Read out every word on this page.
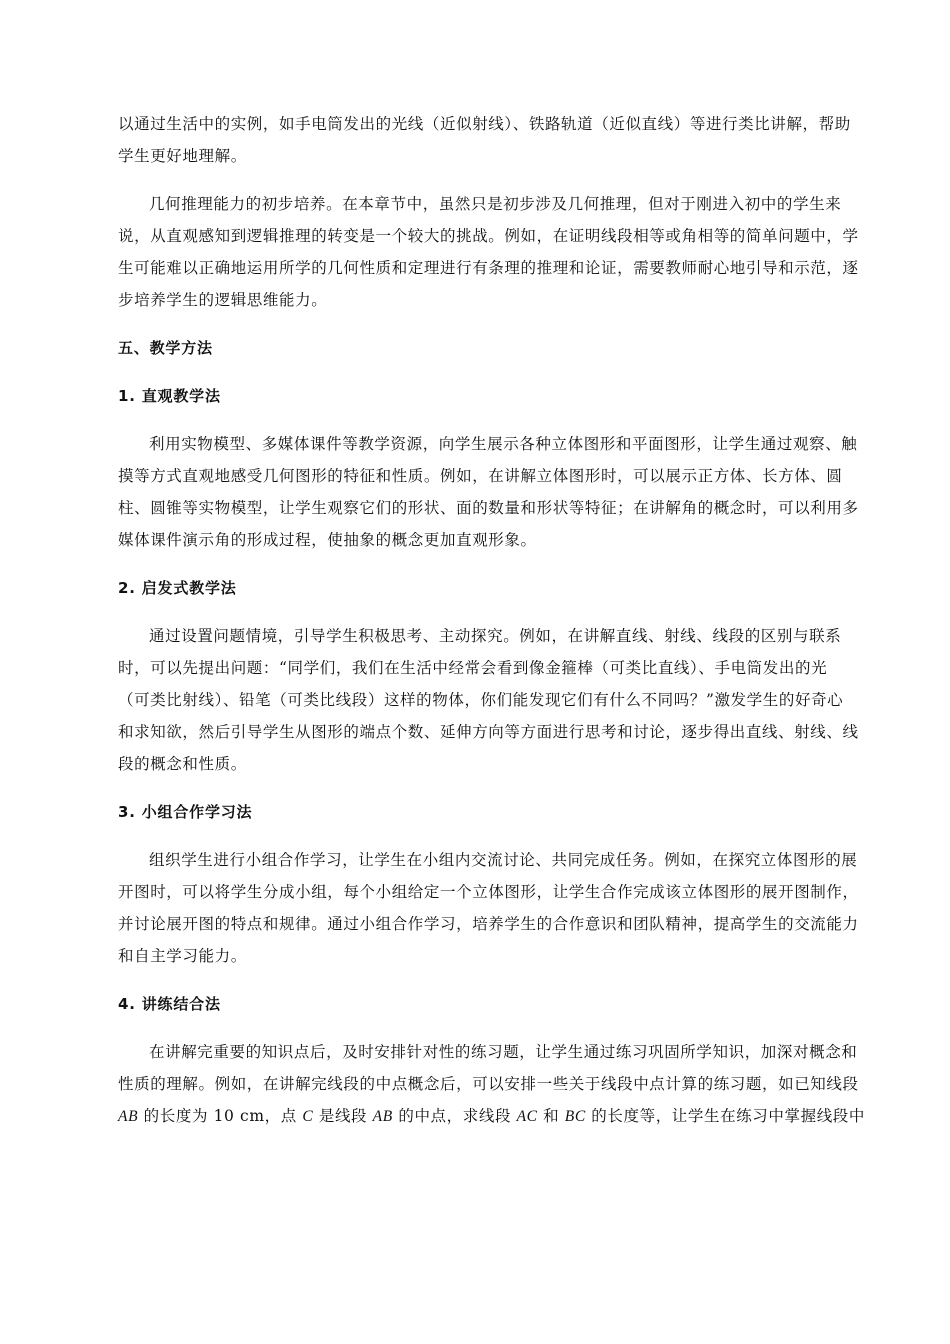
以通过生活中的实例，如手电筒发出的光线（近似射线）、铁路轨道（近似直线）等进行类比讲解，帮助
学生更好地理解。
几何推理能力的初步培养。在本章节中，虽然只是初步涉及几何推理，但对于刚进入初中的学生来
说，从直观感知到逻辑推理的转变是一个较大的挑战。例如，在证明线段相等或角相等的简单问题中，学
生可能难以正确地运用所学的几何性质和定理进行有条理的推理和论证，需要教师耐心地引导和示范，逐
步培养学生的逻辑思维能力。
五、教学方法
1. 直观教学法
利用实物模型、多媒体课件等教学资源，向学生展示各种立体图形和平面图形，让学生通过观察、触
摸等方式直观地感受几何图形的特征和性质。例如，在讲解立体图形时，可以展示正方体、长方体、圆
柱、圆锥等实物模型，让学生观察它们的形状、面的数量和形状等特征；在讲解角的概念时，可以利用多
媒体课件演示角的形成过程，使抽象的概念更加直观形象。
2. 启发式教学法
通过设置问题情境，引导学生积极思考、主动探究。例如，在讲解直线、射线、线段的区别与联系
时，可以先提出问题：“同学们，我们在生活中经常会看到像金箍棒（可类比直线）、手电筒发出的光
（可类比射线）、铅笔（可类比线段）这样的物体，你们能发现它们有什么不同吗？”激发学生的好奇心
和求知欲，然后引导学生从图形的端点个数、延伸方向等方面进行思考和讨论，逐步得出直线、射线、线
段的概念和性质。
3. 小组合作学习法
组织学生进行小组合作学习，让学生在小组内交流讨论、共同完成任务。例如，在探究立体图形的展
开图时，可以将学生分成小组，每个小组给定一个立体图形，让学生合作完成该立体图形的展开图制作，
并讨论展开图的特点和规律。通过小组合作学习，培养学生的合作意识和团队精神，提高学生的交流能力
和自主学习能力。
4. 讲练结合法
在讲解完重要的知识点后，及时安排针对性的练习题，让学生通过练习巩固所学知识，加深对概念和
性质的理解。例如，在讲解完线段的中点概念后，可以安排一些关于线段中点计算的练习题，如已知线段
AB 的长度为 10 cm，点 C 是线段 AB 的中点，求线段 AC 和 BC 的长度等，让学生在练习中掌握线段中
